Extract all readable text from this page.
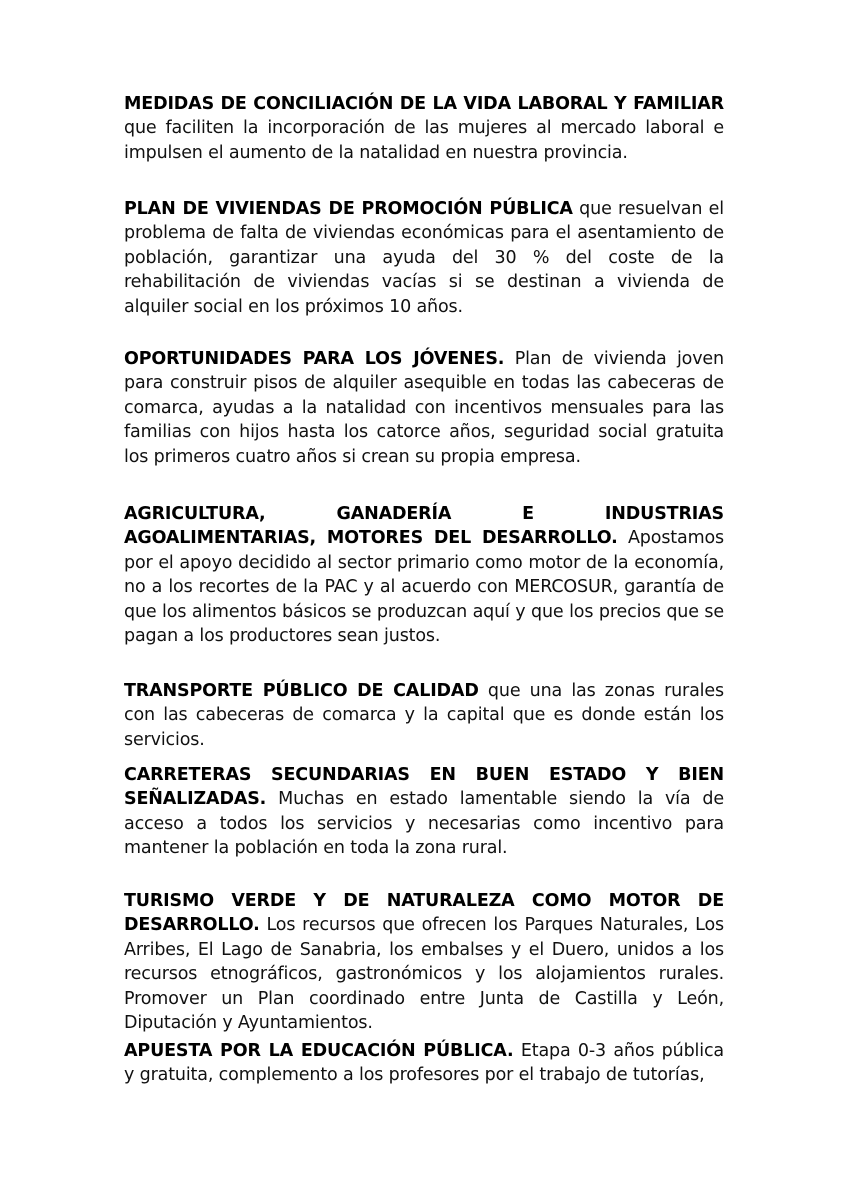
MEDIDAS DE CONCILIACIÓN DE LA VIDA LABORAL Y FAMILIAR que faciliten la incorporación de las mujeres al mercado laboral e impulsen el aumento de la natalidad en nuestra provincia.

PLAN DE VIVIENDAS DE PROMOCIÓN PÚBLICA que resuelvan el problema de falta de viviendas económicas para el asentamiento de población, garantizar una ayuda del 30 % del coste de la rehabilitación de viviendas vacías si se destinan a vivienda de alquiler social en los próximos 10 años.

OPORTUNIDADES PARA LOS JÓVENES. Plan de vivienda joven para construir pisos de alquiler asequible en todas las cabeceras de comarca, ayudas a la natalidad con incentivos mensuales para las familias con hijos hasta los catorce años, seguridad social gratuita los primeros cuatro años si crean su propia empresa.

AGRICULTURA, GANADERÍA E INDUSTRIAS AGOALIMENTARIAS, MOTORES DEL DESARROLLO. Apostamos por el apoyo decidido al sector primario como motor de la economía, no a los recortes de la PAC y al acuerdo con MERCOSUR, garantía de que los alimentos básicos se produzcan aquí y que los precios que se pagan a los productores sean justos.

TRANSPORTE PÚBLICO DE CALIDAD que una las zonas rurales con las cabeceras de comarca y la capital que es donde están los servicios.

CARRETERAS SECUNDARIAS EN BUEN ESTADO Y BIEN SEÑALIZADAS. Muchas en estado lamentable siendo la vía de acceso a todos los servicios y necesarias como incentivo para mantener la población en toda la zona rural.

TURISMO VERDE Y DE NATURALEZA COMO MOTOR DE DESARROLLO. Los recursos que ofrecen los Parques Naturales, Los Arribes, El Lago de Sanabria, los embalses y el Duero, unidos a los recursos etnográficos, gastronómicos y los alojamientos rurales. Promover un Plan coordinado entre Junta de Castilla y León, Diputación y Ayuntamientos.

APUESTA POR LA EDUCACIÓN PÚBLICA. Etapa 0-3 años pública y gratuita, complemento a los profesores por el trabajo de tutorías,
